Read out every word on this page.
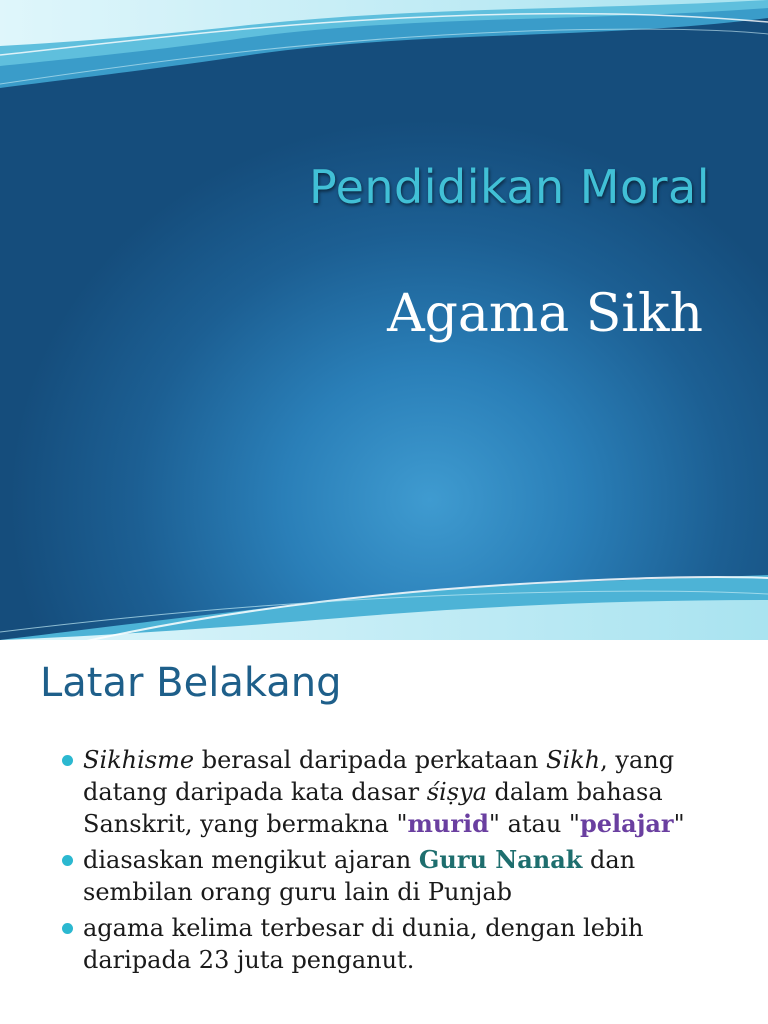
Pendidikan Moral
Agama Sikh
Latar Belakang
Sikhisme berasal daripada perkataan Sikh, yang datang daripada kata dasar śiṣya dalam bahasa Sanskrit, yang bermakna "murid" atau "pelajar"
diasaskan mengikut ajaran Guru Nanak dan sembilan orang guru lain di Punjab
agama kelima terbesar di dunia, dengan lebih daripada 23 juta penganut.
